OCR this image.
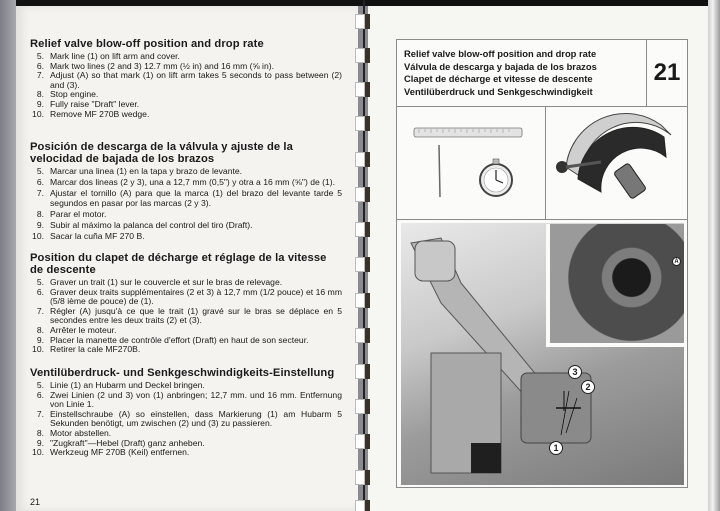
Relief valve blow-off position and drop rate
5. Mark line (1) on lift arm and cover.
6. Mark two lines (2 and 3) 12.7 mm (½ in) and 16 mm (⅝ in).
7. Adjust (A) so that mark (1) on lift arm takes 5 seconds to pass between (2) and (3).
8. Stop engine.
9. Fully raise "Draft" lever.
10. Remove MF 270B wedge.
Posición de descarga de la válvula y ajuste de la velocidad de bajada de los brazos
5. Marcar una linea (1) en la tapa y brazo de levante.
6. Marcar dos lineas (2 y 3), una a 12,7 mm (0,5") y otra a 16 mm (⅝") de (1).
7. Ajustar el tornillo (A) para que la marca (1) del brazo del levante tarde 5 segundos en pasar por las marcas (2 y 3).
8. Parar el motor.
9. Subir al máximo la palanca del control del tiro (Draft).
10. Sacar la cuña MF 270 B.
Position du clapet de décharge et réglage de la vitesse de descente
5. Graver un trait (1) sur le couvercle et sur le bras de relevage.
6. Graver deux traits supplémentaires (2 et 3) à 12,7 mm (1/2 pouce) et 16 mm (5/8 ième de pouce) de (1).
7. Régler (A) jusqu'à ce que le trait (1) gravé sur le bras se déplace en 5 secondes entre les deux traits (2) et (3).
8. Arrêter le moteur.
9. Placer la manette de contrôle d'effort (Draft) en haut de son secteur.
10. Retirer la cale MF270B.
Ventilüberdruck- und Senkgeschwindigkeits-Einstellung
5. Linie (1) an Hubarm und Deckel bringen.
6. Zwei Linien (2 und 3) von (1) anbringen; 12,7 mm. und 16 mm. Entfernung von Linie 1.
7. Einstellschraube (A) so einstellen, dass Markierung (1) am Hubarm 5 Sekunden benötigt, um zwischen (2) und (3) zu passieren.
8. Motor abstellen.
9. "Zugkraft"—Hebel (Draft) ganz anheben.
10. Werkzeug MF 270B (Keil) entfernen.
21
Relief valve blow-off position and drop rate
Válvula de descarga y bajada de los brazos
Clapet de décharge et vitesse de descente
Ventilüberdruck und Senkgeschwindigkeit
21
A
3
2
1
